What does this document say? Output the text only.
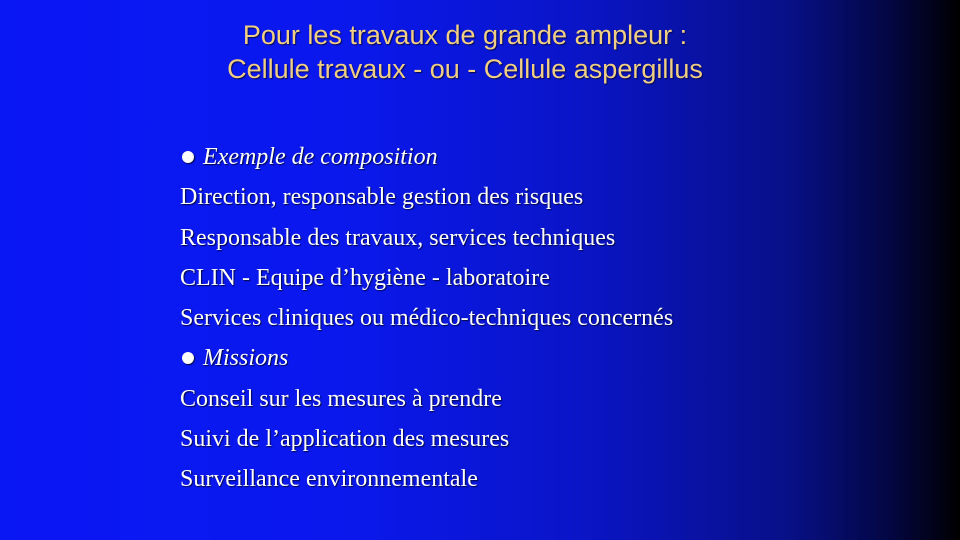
Pour les travaux de grande ampleur :
Cellule travaux - ou - Cellule aspergillus
Exemple de composition
Direction, responsable gestion des risques
Responsable des travaux, services techniques
CLIN - Equipe d’hygiène - laboratoire
Services cliniques ou médico-techniques concernés
Missions
Conseil sur les mesures à prendre
Suivi de l’application des mesures
Surveillance environnementale
